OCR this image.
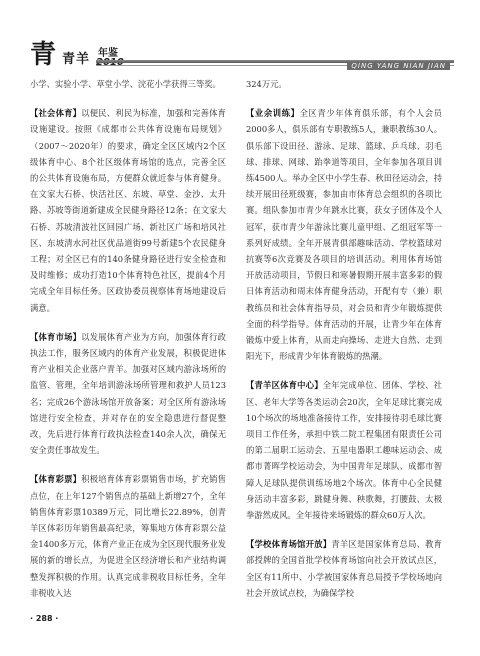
青 青羊 年鉴
QING YANG NIAN JIAN

小学、实验小学、草堂小学、浣花小学获得三等奖。

【社会体育】以便民、利民为标准，加强和完善体育设施建设。按照《成都市公共体育设施布局规划》（2007～2020年）的要求，确定全区区域内2个区级体育中心、8个社区级体育场馆的选点，完善全区的公共体育设施布局，方便群众就近参与体育健身。在文家大石桥、快活社区、东坡、草堂、金沙、太升路、苏坡等街道新建成全民健身路径12条；在文家大石桥、苏坡清波社区回园广场、新社区广场和培风社区、东坡清水河社区优品道街99号新建5个农民健身工程；对全区已有的140条健身路径进行安全检查和及时维修；成功打造10个体育特色社区，提前4个月完成全年目标任务。区政协委员视察体育场地建设后满意。

【体育市场】以发展体育产业为方向，加强体育行政执法工作，服务区域内的体育产业发展，积极促进体育产业相关企业落户青羊。加强对区域内游泳场所的监管、管理，全年培训游泳场所管理和救护人员123名；完成26个游泳场馆开放备案；对全区所有游泳场馆进行安全检查，并对存在的安全隐患进行督促整改，先后进行体育行政执法检查140余人次，确保无安全责任事故发生。

【体育彩票】积极培育体育彩票销售市场，扩充销售点位，在上年127个销售点的基础上新增27个，全年销售体育彩票10389万元，同比增长22.89%，创青羊区体彩历年销售最高纪录，筹集地方体育彩票公益金1400多万元，体育产业正在成为全区现代服务业发展的新的增长点，为促进全区经济增长和产业结构调整发挥积极的作用。认真完成非税收目标任务，全年非税收入达

324万元。

【业余训练】全区青少年体育俱乐部，有个人会员2000多人，俱乐部有专职教练5人，兼职教练30人。俱乐部下设田径、游泳、足球、篮球、乒乓球、羽毛球、排球、网球、跆拳道等项目，全年参加各项目训练4500人。举办全区中小学生春、秋田径运动会，持续开展田径班级赛，参加由市体育总会组织的各项比赛。组队参加市青少年跳水比赛，获女子团体及个人冠军，获市青少年游泳比赛儿童甲组、乙组冠军等一系列好成绩。全年开展青俱部趣味活动、学校篮球对抗赛等6次竞赛及各项目的培训活动。利用体育场馆开放活动项目，节假日和寒暑假期开展丰富多彩的假日体育活动和周末体育健身活动，开配有专（兼）职教练员和社会体育指导员，对会员和青少年锻炼提供全面的科学指导。体育活动的开展，让青少年在体育锻炼中爱上体育，从而走向操场、走进大自然、走到阳光下，形成青少年体育锻炼的热潮。

【青羊区体育中心】全年完成单位、团体、学校、社区、老年大学等各类运动会20次，全年足球比赛完成10个场次的场地准备接待工作，安排接待羽毛球比赛项目工作任务，承担中铁二院工程集团有限责任公司的第二届职工运动会、五星电器职工趣味运动会、成都市菁晖学校运动会，为中国青年足球队、成都市智障人足球队提供训练场地2个场次。体育中心全民健身活动丰富多彩，跳健身舞、秧歌舞，打腰鼓、太极拳游然成风。全年接待来场锻炼的群众60万人次。

【学校体育场馆开放】青羊区是国家体育总局、教育部授牌的全国首批学校体育场馆向社会开放试点区，全区有11所中、小学被国家体育总局授予学校场地向社会开放试点校，为确保学校

· 288 ·
